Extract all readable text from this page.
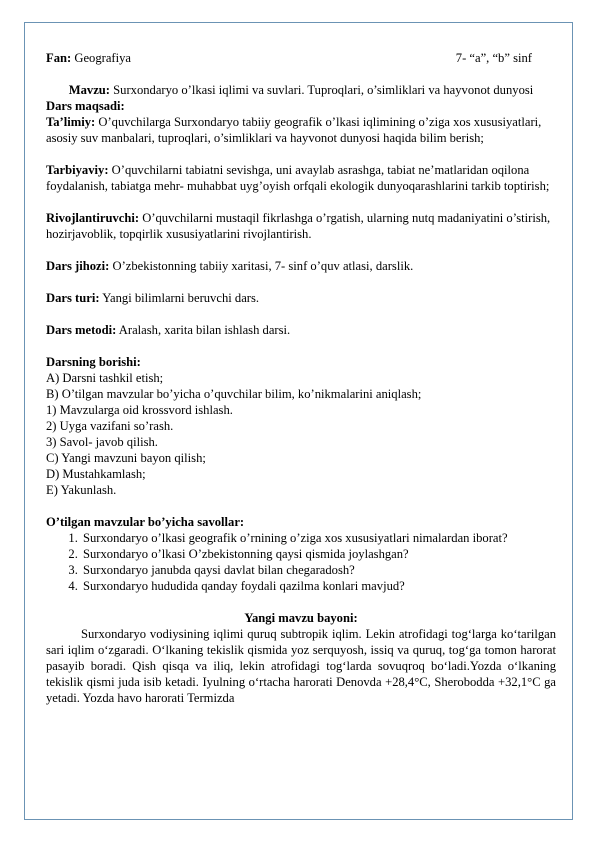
Fan: Geografiya	7- “a”, “b” sinf
Mavzu: Surxondaryo o’lkasi iqlimi va suvlari. Tuproqlari, o’simliklari va hayvonot dunyosi

Dars maqsadi:

Ta’limiy: O’quvchilarga Surxondaryo tabiiy geografik o’lkasi iqlimining o’ziga xos xususiyatlari, asosiy suv manbalari, tuproqlari, o’simliklari va hayvonot dunyosi haqida bilim berish;

Tarbiyaviy: O’quvchilarni tabiatni sevishga, uni avaylab asrashga, tabiat ne’matlaridan oqilona foydalanish, tabiatga mehr- muhabbat uyg’oyish orfqali ekologik dunyoqarashlarini tarkib toptirish;

Rivojlantiruvchi: O’quvchilarni mustaqil fikrlashga o’rgatish, ularning nutq madaniyatini o’stirish, hozirjavoblik, topqirlik xususiyatlarini rivojlantirish.

Dars jihozi: O’zbekistonning tabiiy xaritasi, 7- sinf o’quv atlasi, darslik.

Dars turi: Yangi bilimlarni beruvchi dars.

Dars metodi: Aralash, xarita bilan ishlash darsi.

Darsning borishi:

A) Darsni tashkil etish;

B) O’tilgan mavzular bo’yicha o’quvchilar bilim, ko’nikmalarini aniqlash;

1) Mavzularga oid krossvord ishlash.

2) Uyga vazifani so’rash.

3) Savol- javob qilish.

C) Yangi mavzuni bayon qilish;

D) Mustahkamlash;

E) Yakunlash.

O’tilgan mavzular bo’yicha savollar:

1. Surxondaryo o’lkasi geografik o’rnining o’ziga xos xususiyatlari nimalardan iborat?
2. Surxondaryo o’lkasi O’zbekistonning qaysi qismida joylashgan?
3. Surxondaryo janubda qaysi davlat bilan chegaradosh?
4. Surxondaryo hududida qanday foydali qazilma konlari mavjud?

Yangi mavzu bayoni:

Surxondaryo vodiysining iqlimi quruq subtropik iqlim. Lekin atrofidagi tog‘larga ko‘tarilgan sari iqlim o‘zgaradi. O‘lkaning tekislik qismida yoz serquyosh, issiq va quruq, tog‘ga tomon harorat pasayib boradi. Qish qisqa va iliq, lekin atrofidagi tog‘larda sovuqroq bo‘ladi.Yozda o‘lkaning tekislik qismi juda isib ketadi. Iyulning o‘rtacha harorati Denovda +28,4°C, Sherobodda +32,1°C ga yetadi. Yozda havo harorati Termizda
